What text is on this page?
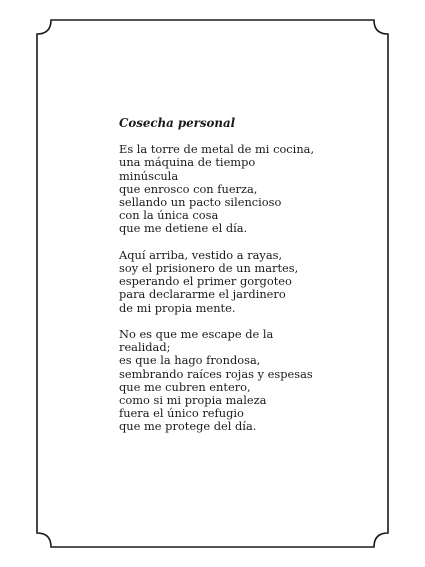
Cosecha personal
Es la torre de metal de mi cocina,
una máquina de tiempo
minúscula
que enrosco con fuerza,
sellando un pacto silencioso
con la única cosa
que me detiene el día.
Aquí arriba, vestido a rayas,
soy el prisionero de un martes,
esperando el primer gorgoteo
para declararme el jardinero
de mi propia mente.
No es que me escape de la
realidad;
es que la hago frondosa,
sembrando raíces rojas y espesas
que me cubren entero,
como si mi propia maleza
fuera el único refugio
que me protege del día.
